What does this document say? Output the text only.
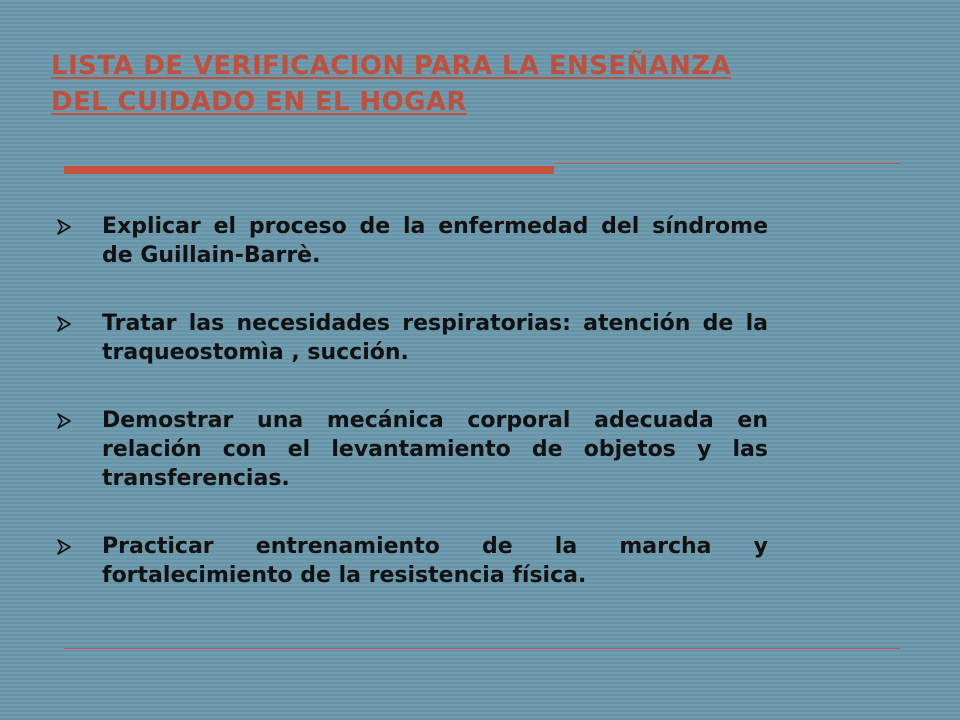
LISTA DE VERIFICACION PARA LA ENSEÑANZA
DEL CUIDADO EN EL HOGAR
Explicar el proceso de la enfermedad del síndrome de Guillain-Barrè.
Tratar las necesidades respiratorias: atención de la traqueostomìa , succión.
Demostrar una mecánica corporal adecuada en relación con el levantamiento de objetos y las transferencias.
Practicar entrenamiento de la marcha y fortalecimiento de la resistencia física.
